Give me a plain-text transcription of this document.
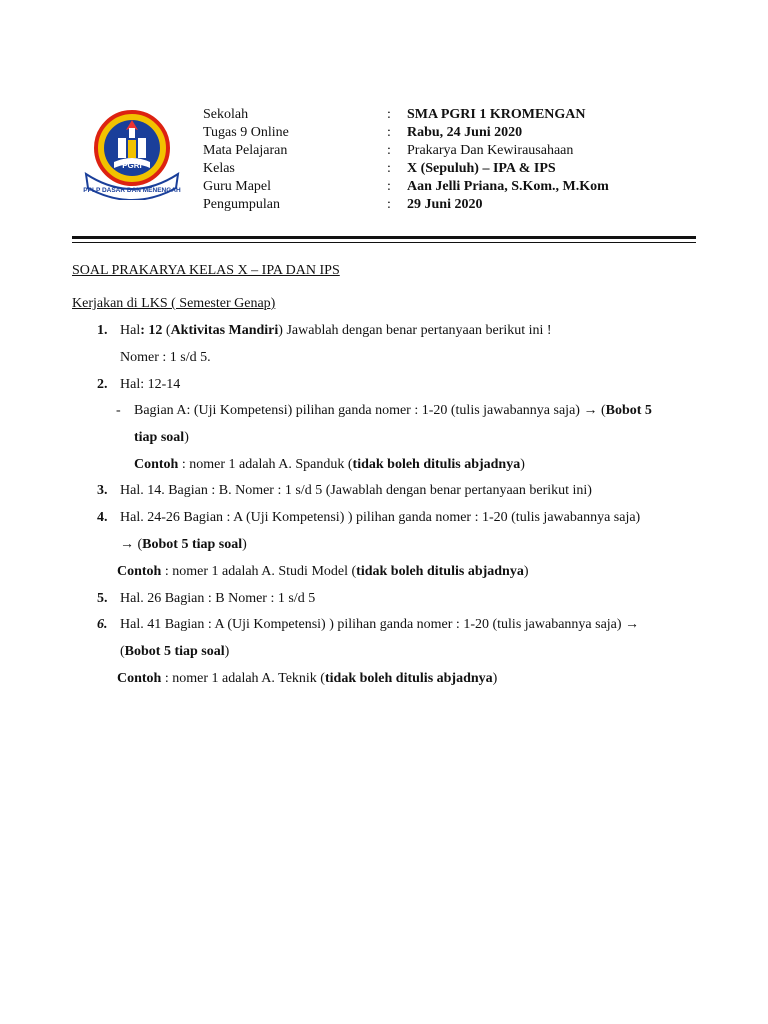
PGRI
PPLP DASAR DAN MENENGAH
Sekolah	: SMA PGRI 1 KROMENGAN
Tugas 9 Online	: Rabu, 24 Juni 2020
Mata Pelajaran	: Prakarya Dan Kewirausahaan
Kelas	: X (Sepuluh) – IPA & IPS
Guru Mapel	: Aan Jelli Priana, S.Kom., M.Kom
Pengumpulan	: 29 Juni 2020
SOAL PRAKARYA KELAS X – IPA DAN IPS
Kerjakan di LKS ( Semester Genap)
1. Hal: 12 (Aktivitas Mandiri) Jawablah dengan benar pertanyaan berikut ini !
Nomer : 1 s/d 5.
2. Hal: 12-14
- Bagian A: (Uji Kompetensi) pilihan ganda nomer : 1-20 (tulis jawabannya saja) → (Bobot 5
tiap soal)
Contoh : nomer 1 adalah A. Spanduk (tidak boleh ditulis abjadnya)
3. Hal. 14. Bagian : B. Nomer : 1 s/d 5 (Jawablah dengan benar pertanyaan berikut ini)
4. Hal. 24-26 Bagian : A (Uji Kompetensi) ) pilihan ganda nomer : 1-20 (tulis jawabannya saja)
→ (Bobot 5 tiap soal)
Contoh : nomer 1 adalah A. Studi Model (tidak boleh ditulis abjadnya)
5. Hal. 26 Bagian : B Nomer : 1 s/d 5
6. Hal. 41 Bagian : A (Uji Kompetensi) ) pilihan ganda nomer : 1-20 (tulis jawabannya saja) →
(Bobot 5 tiap soal)
Contoh : nomer 1 adalah A. Teknik (tidak boleh ditulis abjadnya)
